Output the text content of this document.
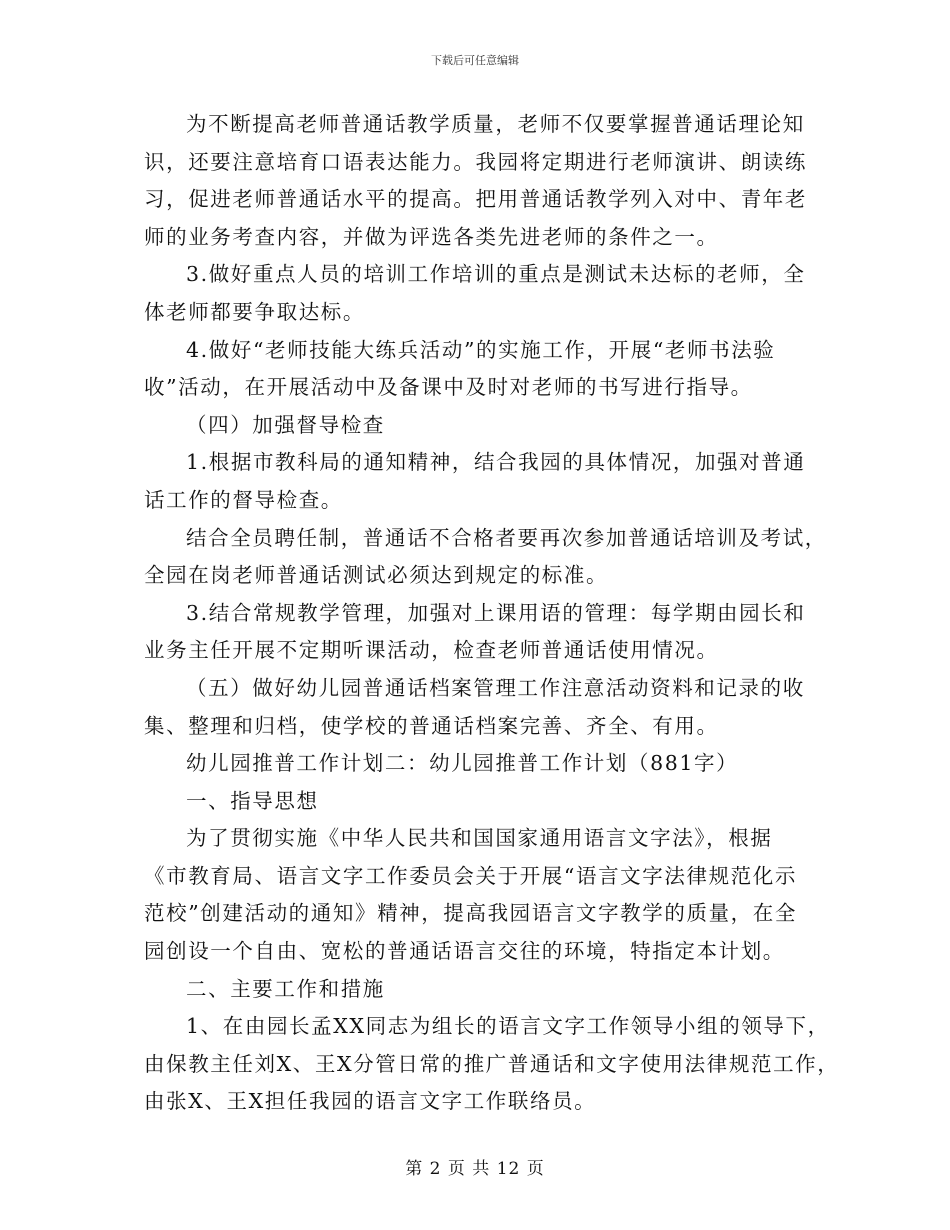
下载后可任意编辑
为不断提高老师普通话教学质量，老师不仅要掌握普通话理论知
识，还要注意培育口语表达能力。我园将定期进行老师演讲、朗读练
习，促进老师普通话水平的提高。把用普通话教学列入对中、青年老
师的业务考查内容，并做为评选各类先进老师的条件之一。
3.做好重点人员的培训工作培训的重点是测试未达标的老师，全
体老师都要争取达标。
4.做好“老师技能大练兵活动”的实施工作，开展“老师书法验
收”活动，在开展活动中及备课中及时对老师的书写进行指导。
（四）加强督导检查
1.根据市教科局的通知精神，结合我园的具体情况，加强对普通
话工作的督导检查。
结合全员聘任制，普通话不合格者要再次参加普通话培训及考试，
全园在岗老师普通话测试必须达到规定的标准。
3.结合常规教学管理，加强对上课用语的管理：每学期由园长和
业务主任开展不定期听课活动，检查老师普通话使用情况。
（五）做好幼儿园普通话档案管理工作注意活动资料和记录的收
集、整理和归档，使学校的普通话档案完善、齐全、有用。
幼儿园推普工作计划二：幼儿园推普工作计划（881字）
一、指导思想
为了贯彻实施《中华人民共和国国家通用语言文字法》，根据
《市教育局、语言文字工作委员会关于开展“语言文字法律规范化示
范校”创建活动的通知》精神，提高我园语言文字教学的质量，在全
园创设一个自由、宽松的普通话语言交往的环境，特指定本计划。
二、主要工作和措施
1、在由园长孟XX同志为组长的语言文字工作领导小组的领导下，
由保教主任刘X、王X分管日常的推广普通话和文字使用法律规范工作，
由张X、王X担任我园的语言文字工作联络员。
第 2 页 共 12 页
